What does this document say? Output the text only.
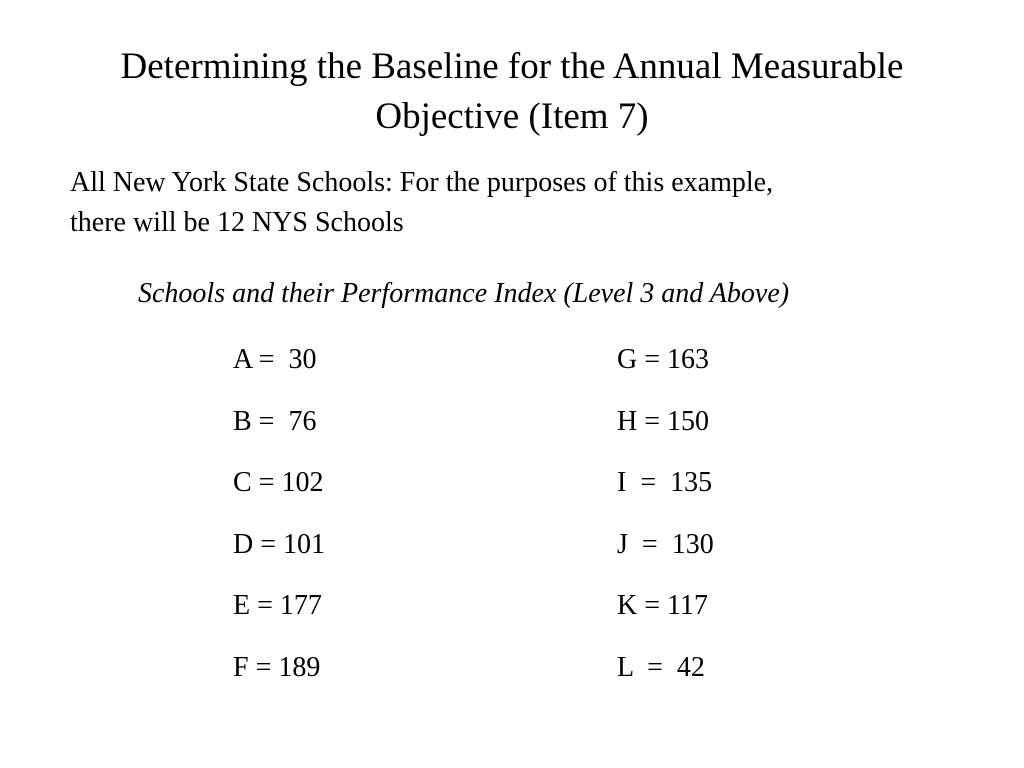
Determining the Baseline for the Annual Measurable
Objective (Item 7)

All New York State Schools: For the purposes of this example,
there will be 12 NYS Schools

Schools and their Performance Index (Level 3 and Above)

A =  30
B =  76
C = 102
D = 101
E = 177
F = 189
G = 163
H = 150
I  =  135
J  =  130
K = 117
L  =  42
